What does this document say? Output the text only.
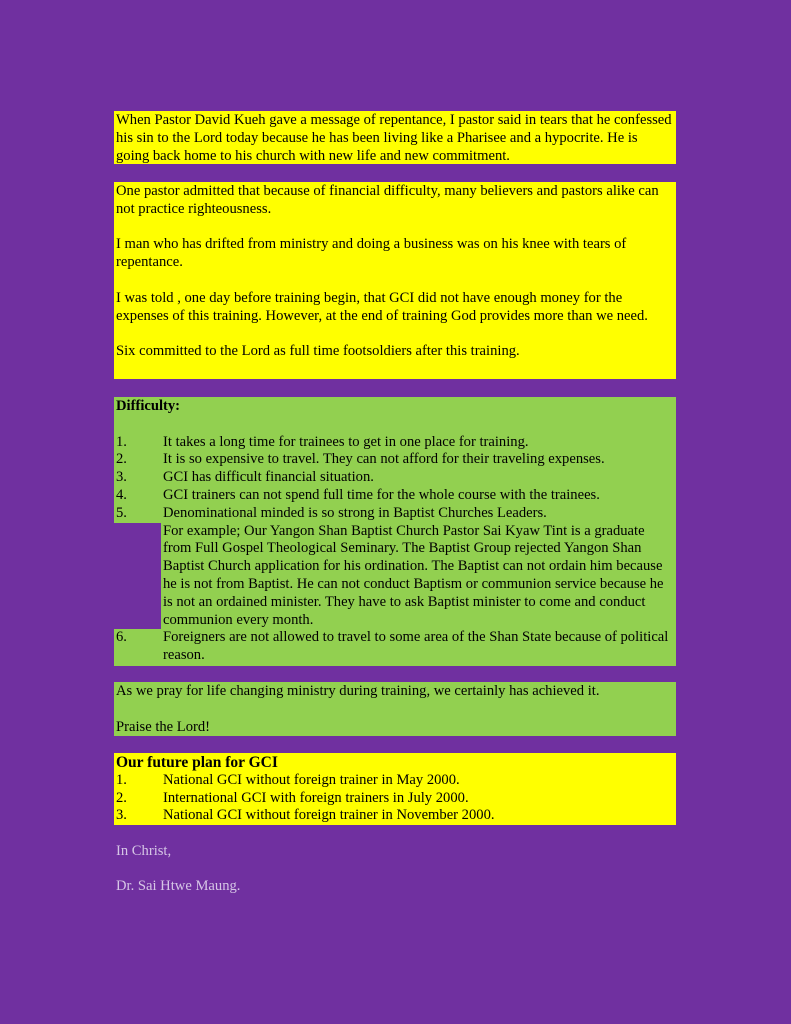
When Pastor David Kueh gave a message of repentance, I pastor said in tears that he confessed his sin to the Lord today because he has been living like a Pharisee and a hypocrite. He is going back home to his church with new life and new commitment.

One pastor admitted that because of financial difficulty, many believers and pastors alike can not practice righteousness.

I man who has drifted from ministry and doing a business was on his knee with tears of repentance.

I was told , one day before training begin, that GCI did not have enough money for the expenses of this training. However, at the end of training God provides more than we need.

Six committed to the Lord as full time footsoldiers after this training.

Difficulty:
1.	It takes a long time for trainees to get in one place for training.
2.	It is so expensive to travel. They can not afford for their traveling expenses.
3.	GCI has difficult financial situation.
4.	GCI trainers can not spend full time for the whole course with the trainees.
5.	Denominational minded is so strong in Baptist Churches Leaders.

For example; Our Yangon Shan Baptist Church Pastor Sai Kyaw Tint is a graduate from Full Gospel Theological Seminary. The Baptist Group rejected Yangon Shan Baptist Church application for his ordination. The Baptist can not ordain him because he is not from Baptist. He can not conduct Baptism or communion service because he is not an ordained minister. They have to ask Baptist minister to come and conduct communion every month.

6.	Foreigners are not allowed to travel to some area of the Shan State because of political reason.

As we pray for life changing ministry during training, we certainly has achieved it.

Praise the Lord!

Our future plan for GCI
1.	National GCI without foreign trainer in May 2000.
2.	International GCI with foreign trainers in July 2000.
3.	National GCI without foreign trainer in November 2000.
In Christ,
Dr. Sai Htwe Maung.
